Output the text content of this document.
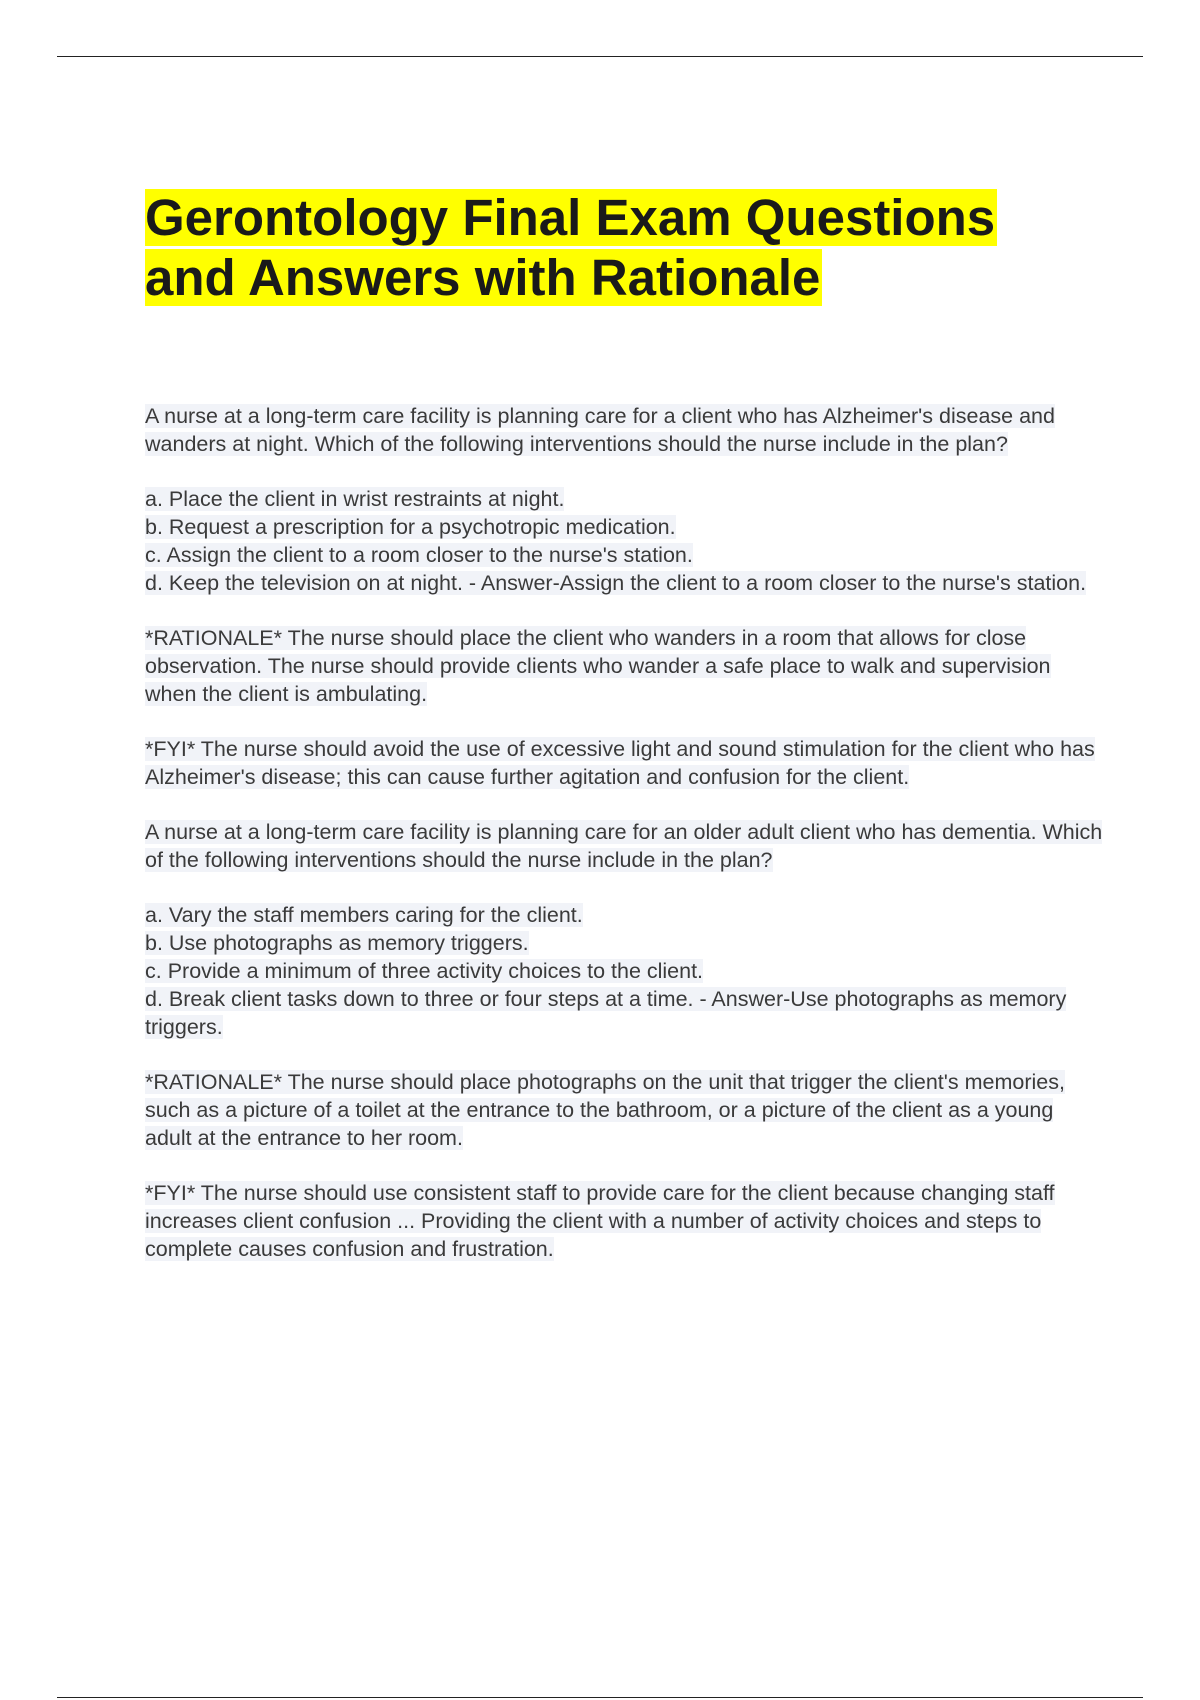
Gerontology Final Exam Questions and Answers with Rationale

A nurse at a long-term care facility is planning care for a client who has Alzheimer's disease and wanders at night. Which of the following interventions should the nurse include in the plan?

a. Place the client in wrist restraints at night.
b. Request a prescription for a psychotropic medication.
c. Assign the client to a room closer to the nurse's station.
d. Keep the television on at night. - Answer-Assign the client to a room closer to the nurse's station.

*RATIONALE* The nurse should place the client who wanders in a room that allows for close observation. The nurse should provide clients who wander a safe place to walk and supervision when the client is ambulating.

*FYI* The nurse should avoid the use of excessive light and sound stimulation for the client who has Alzheimer's disease; this can cause further agitation and confusion for the client.

A nurse at a long-term care facility is planning care for an older adult client who has dementia. Which of the following interventions should the nurse include in the plan?

a. Vary the staff members caring for the client.
b. Use photographs as memory triggers.
c. Provide a minimum of three activity choices to the client.
d. Break client tasks down to three or four steps at a time. - Answer-Use photographs as memory triggers.

*RATIONALE* The nurse should place photographs on the unit that trigger the client's memories, such as a picture of a toilet at the entrance to the bathroom, or a picture of the client as a young adult at the entrance to her room.

*FYI* The nurse should use consistent staff to provide care for the client because changing staff increases client confusion ... Providing the client with a number of activity choices and steps to complete causes confusion and frustration.
